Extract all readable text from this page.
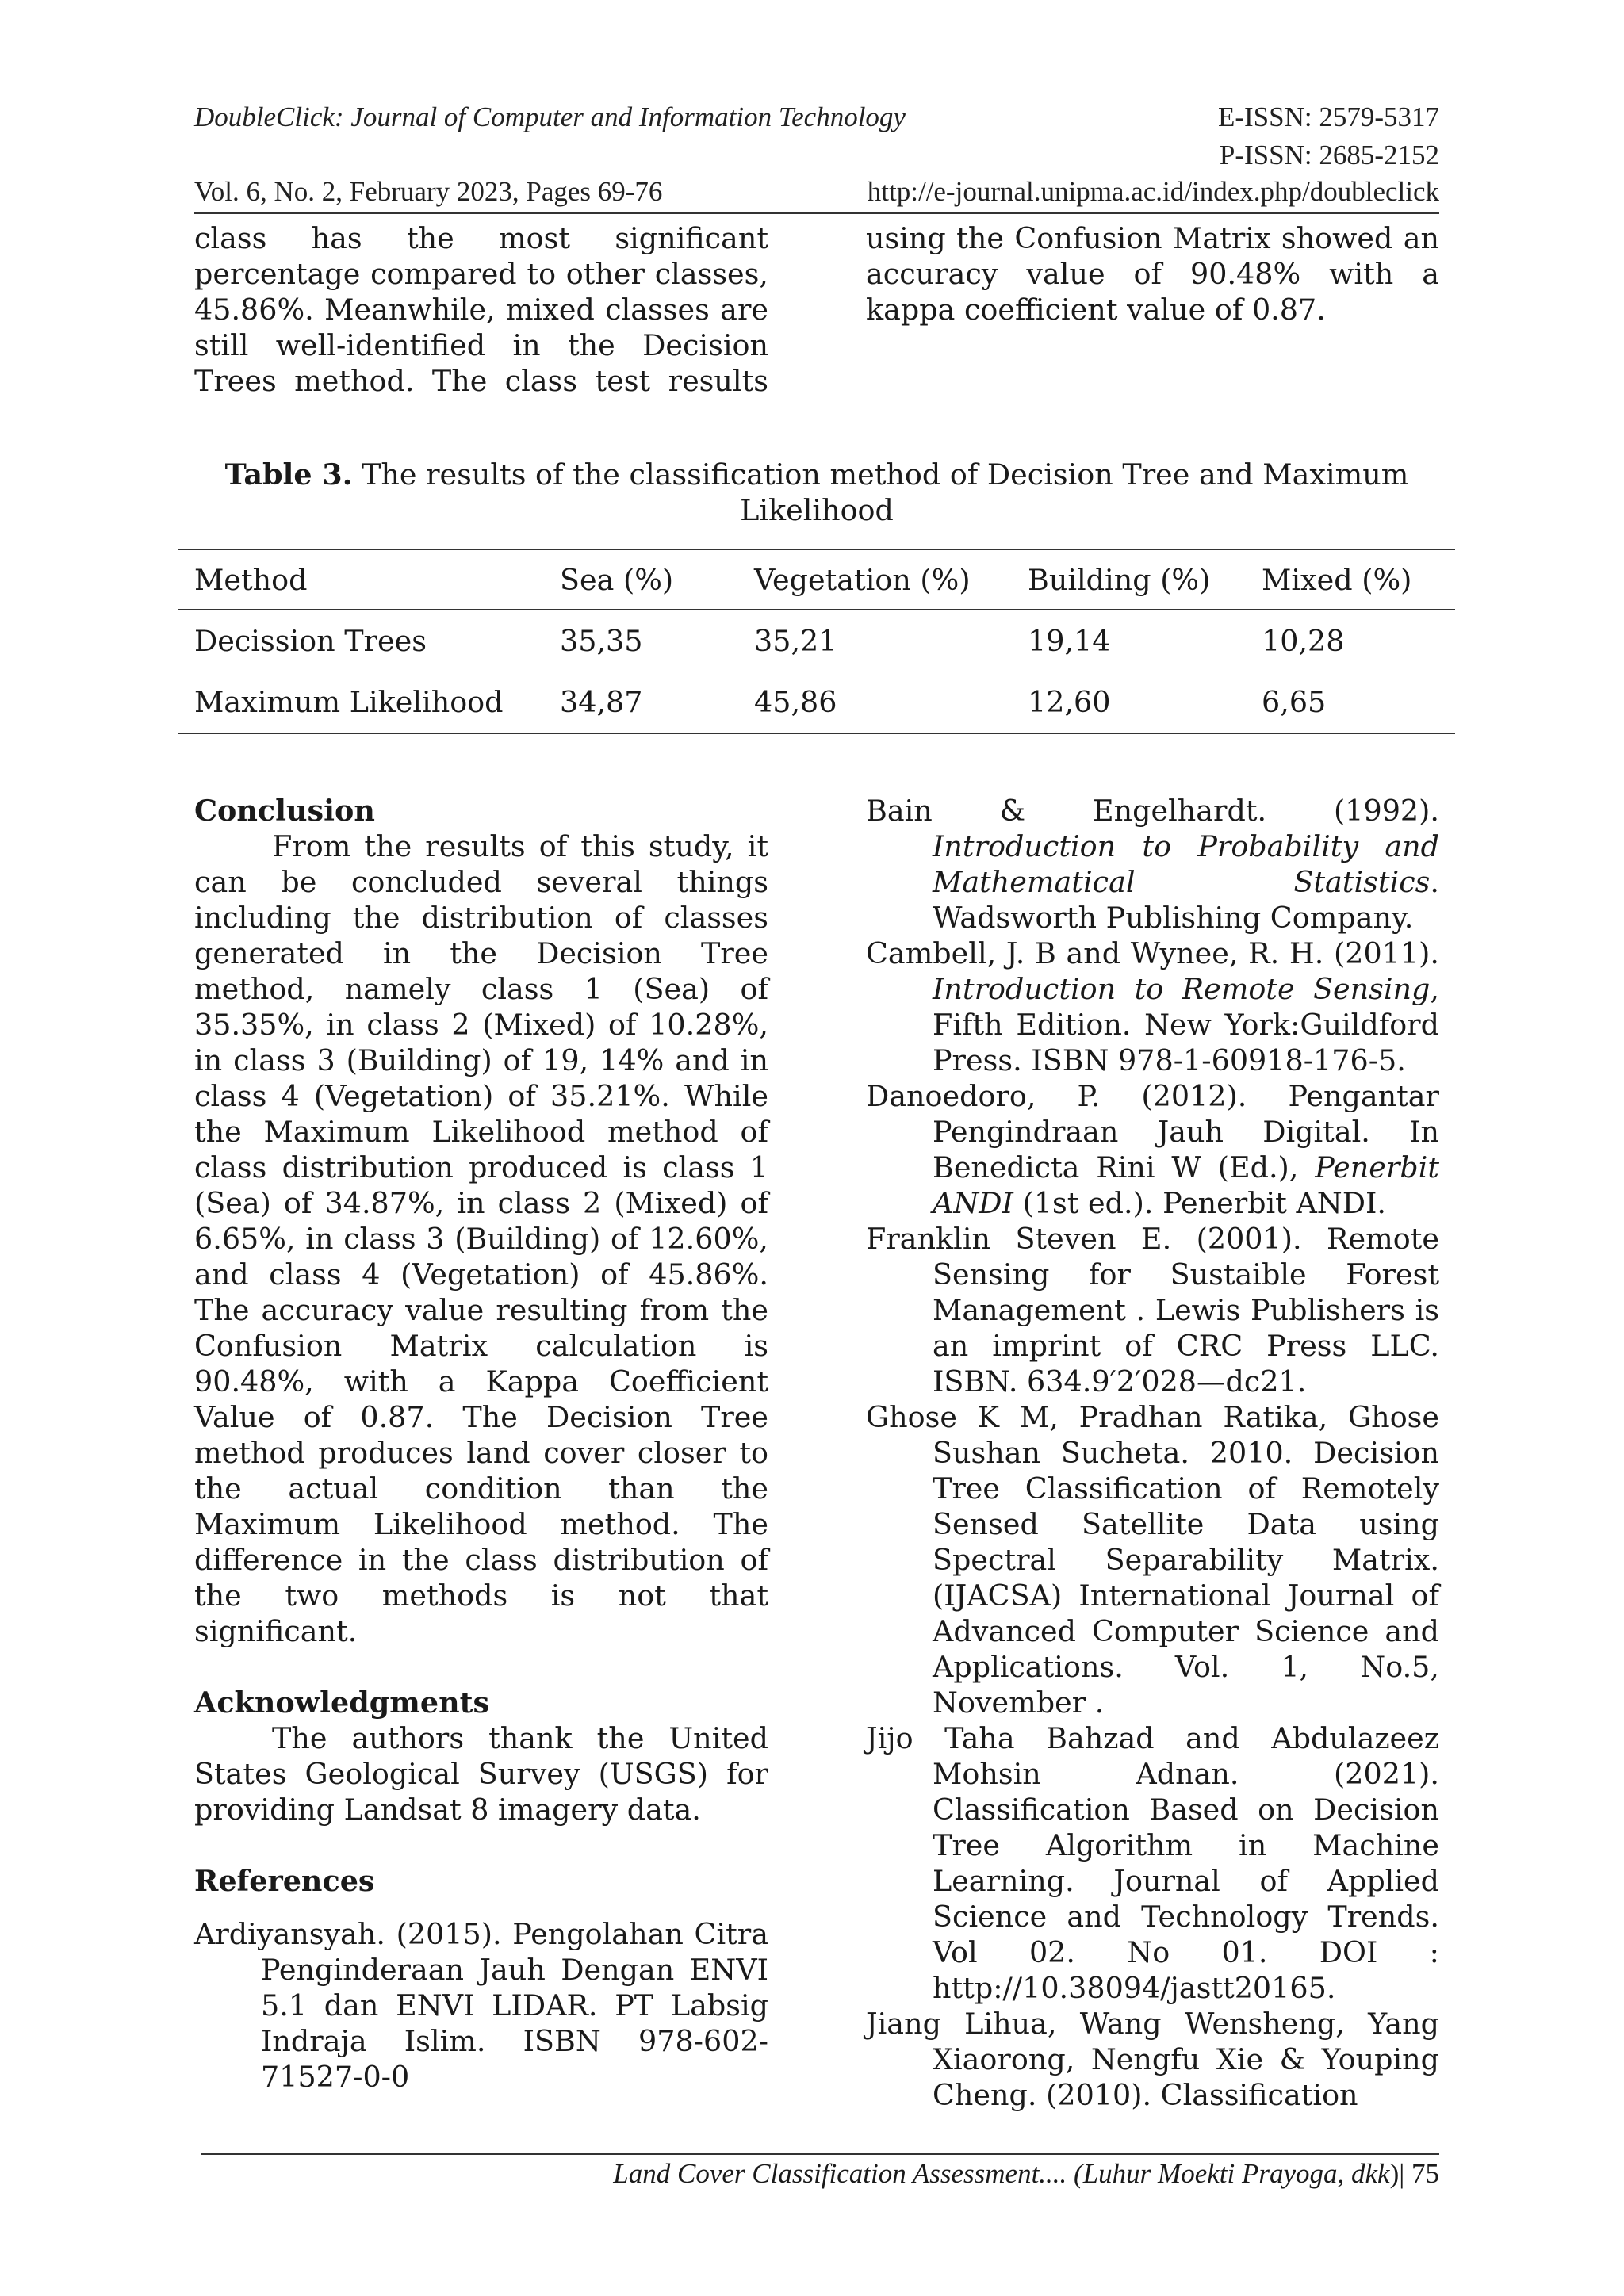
DoubleClick: Journal of Computer and Information Technology	E-ISSN: 2579-5317
P-ISSN: 2685-2152
Vol. 6, No. 2, February 2023, Pages 69-76	http://e-journal.unipma.ac.id/index.php/doubleclick

class has the most significant percentage compared to other classes, 45.86%. Meanwhile, mixed classes are still well-identified in the Decision Trees method. The class test results

using the Confusion Matrix showed an accuracy value of 90.48% with a kappa coefficient value of 0.87.

Table 3. The results of the classification method of Decision Tree and Maximum Likelihood
Method	Sea (%)	Vegetation (%)	Building (%)	Mixed (%)
Decission Trees	35,35	35,21	19,14	10,28
Maximum Likelihood	34,87	45,86	12,60	6,65

Conclusion

From the results of this study, it can be concluded several things including the distribution of classes generated in the Decision Tree method, namely class 1 (Sea) of 35.35%, in class 2 (Mixed) of 10.28%, in class 3 (Building) of 19, 14% and in class 4 (Vegetation) of 35.21%. While the Maximum Likelihood method of class distribution produced is class 1 (Sea) of 34.87%, in class 2 (Mixed) of 6.65%, in class 3 (Building) of 12.60%, and class 4 (Vegetation) of 45.86%. The accuracy value resulting from the Confusion Matrix calculation is 90.48%, with a Kappa Coefficient Value of 0.87. The Decision Tree method produces land cover closer to the actual condition than the Maximum Likelihood method. The difference in the class distribution of the two methods is not that significant.

Acknowledgments

The authors thank the United States Geological Survey (USGS) for providing Landsat 8 imagery data.

References

Ardiyansyah. (2015). Pengolahan Citra Penginderaan Jauh Dengan ENVI 5.1 dan ENVI LIDAR. PT Labsig Indraja Islim. ISBN 978-602-71527-0-0

Bain & Engelhardt. (1992). Introduction to Probability and Mathematical Statistics. Wadsworth Publishing Company.

Cambell, J. B and Wynee, R. H. (2011). Introduction to Remote Sensing, Fifth Edition. New York:Guildford Press. ISBN 978-1-60918-176-5.

Danoedoro, P. (2012). Pengantar Pengindraan Jauh Digital. In Benedicta Rini W (Ed.), Penerbit ANDI (1st ed.). Penerbit ANDI.

Franklin Steven E. (2001). Remote Sensing for Sustaible Forest Management . Lewis Publishers is an imprint of CRC Press LLC. ISBN. 634.9′2′028—dc21.

Ghose K M, Pradhan Ratika, Ghose Sushan Sucheta. 2010. Decision Tree Classification of Remotely Sensed Satellite Data using Spectral Separability Matrix. (IJACSA) International Journal of Advanced Computer Science and Applications. Vol. 1, No.5, November .

Jijo Taha Bahzad and Abdulazeez Mohsin Adnan. (2021). Classification Based on Decision Tree Algorithm in Machine Learning. Journal of Applied Science and Technology Trends. Vol 02. No 01. DOI : http://10.38094/jastt20165.

Jiang Lihua, Wang Wensheng, Yang Xiaorong, Nengfu Xie & Youping Cheng. (2010). Classification

Land Cover Classification Assessment.... (Luhur Moekti Prayoga, dkk)| 75
